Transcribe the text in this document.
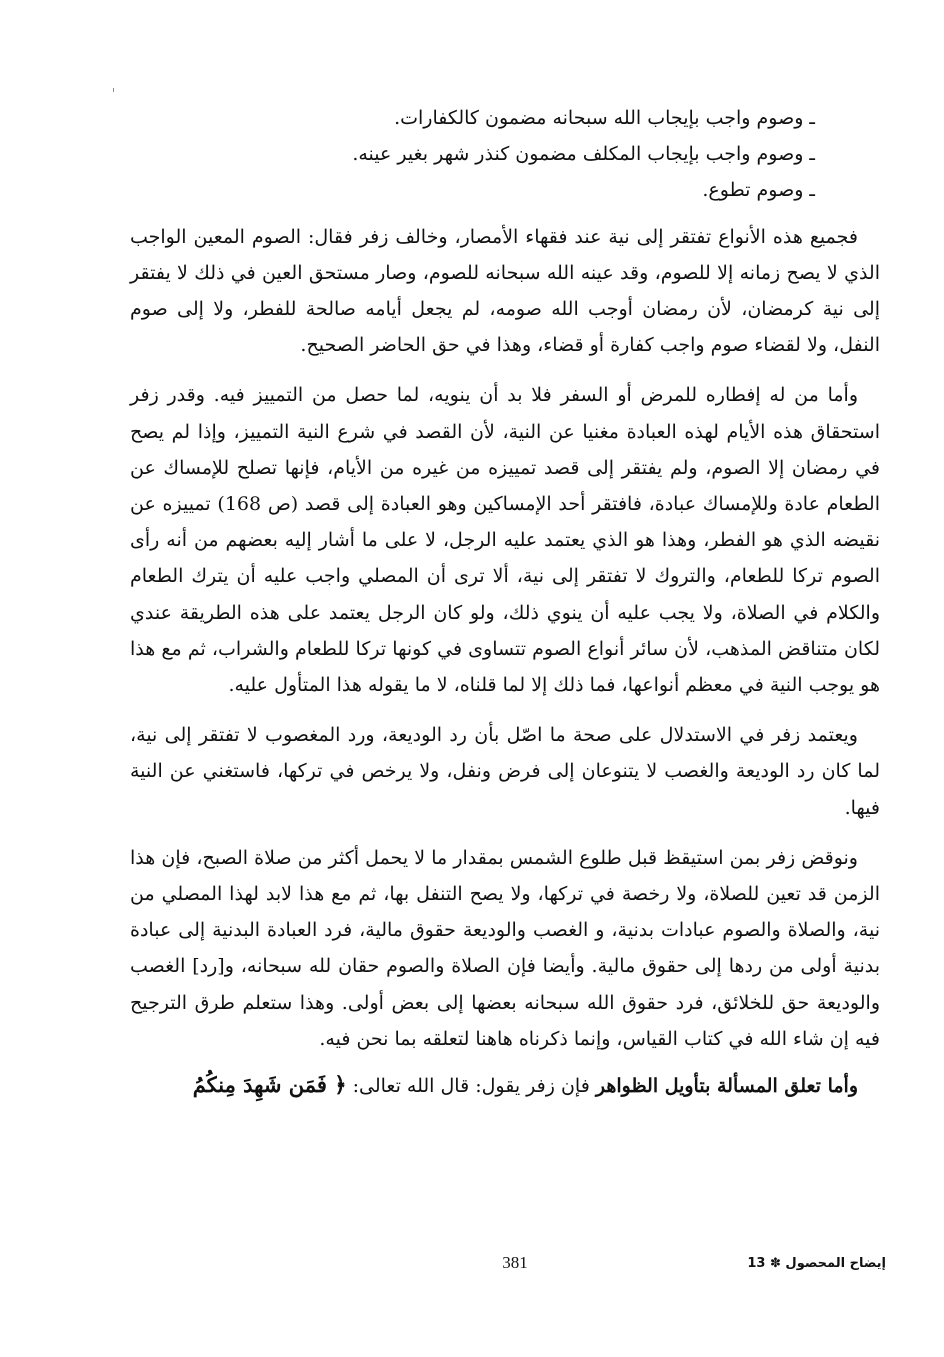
ـ وصوم واجب بإيجاب الله سبحانه مضمون كالكفارات.

ـ وصوم واجب بإيجاب المكلف مضمون كنذر شهر بغير عينه.

ـ وصوم تطوع.

فجميع هذه الأنواع تفتقر إلى نية عند فقهاء الأمصار، وخالف زفر فقال: الصوم المعين الواجب الذي لا يصح زمانه إلا للصوم، وقد عينه الله سبحانه للصوم، وصار مستحق العين في ذلك لا يفتقر إلى نية كرمضان، لأن رمضان أوجب الله صومه، لم يجعل أيامه صالحة للفطر، ولا إلى صوم النفل، ولا لقضاء صوم واجب كفارة أو قضاء، وهذا في حق الحاضر الصحيح.

وأما من له إفطاره للمرض أو السفر فلا بد أن ينويه، لما حصل من التمييز فيه. وقدر زفر استحقاق هذه الأيام لهذه العبادة مغنيا عن النية، لأن القصد في شرع النية التمييز، وإذا لم يصح في رمضان إلا الصوم، ولم يفتقر إلى قصد تمييزه من غيره من الأيام، فإنها تصلح للإمساك عن الطعام عادة وللإمساك عبادة، فافتقر أحد الإمساكين وهو العبادة إلى قصد (ص 168) تمييزه عن نقيضه الذي هو الفطر، وهذا هو الذي يعتمد عليه الرجل، لا على ما أشار إليه بعضهم من أنه رأى الصوم تركا للطعام، والتروك لا تفتقر إلى نية، ألا ترى أن المصلي واجب عليه أن يترك الطعام والكلام في الصلاة، ولا يجب عليه أن ينوي ذلك، ولو كان الرجل يعتمد على هذه الطريقة عندي لكان متناقض المذهب، لأن سائر أنواع الصوم تتساوى في كونها تركا للطعام والشراب، ثم مع هذا هو يوجب النية في معظم أنواعها، فما ذلك إلا لما قلناه، لا ما يقوله هذا المتأول عليه.

ويعتمد زفر في الاستدلال على صحة ما اصّل بأن رد الوديعة، ورد المغصوب لا تفتقر إلى نية، لما كان رد الوديعة والغصب لا يتنوعان إلى فرض ونفل، ولا يرخص في تركها، فاستغني عن النية فيها.

ونوقض زفر بمن استيقظ قبل طلوع الشمس بمقدار ما لا يحمل أكثر من صلاة الصبح، فإن هذا الزمن قد تعين للصلاة، ولا رخصة في تركها، ولا يصح التنفل بها، ثم مع هذا لابد لهذا المصلي من نية، والصلاة والصوم عبادات بدنية، و الغصب والوديعة حقوق مالية، فرد العبادة البدنية إلى عبادة بدنية أولى من ردها إلى حقوق مالية. وأيضا فإن الصلاة والصوم حقان لله سبحانه، و[رد] الغصب والوديعة حق للخلائق، فرد حقوق الله سبحانه بعضها إلى بعض أولى. وهذا ستعلم طرق الترجيح فيه إن شاء الله في كتاب القياس، وإنما ذكرناه هاهنا لتعلقه بما نحن فيه.

وأما تعلق المسألة بتأويل الظواهر فإن زفر يقول: قال الله تعالى: ﴿ فَمَن شَهِدَ مِنكُمُ

381	إيضاح المحصول ✽ 13
